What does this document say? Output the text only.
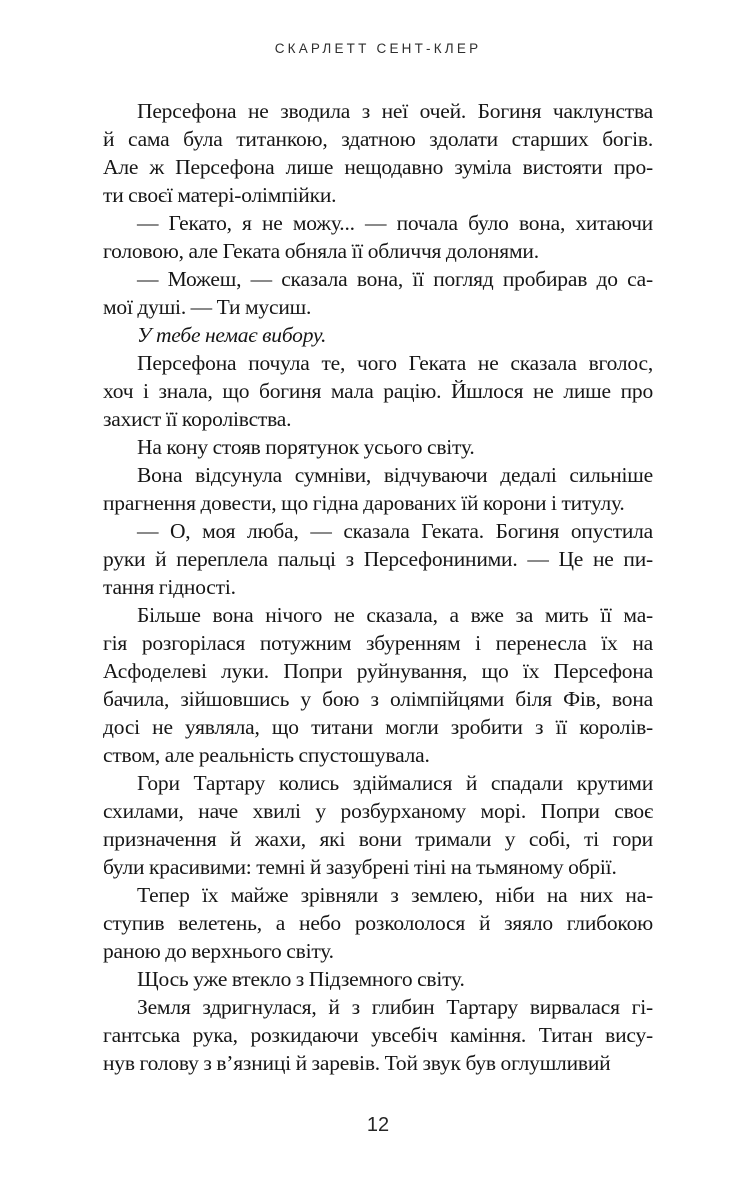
СКАРЛЕТТ СЕНТ-КЛЕР
Персефона не зводила з неї очей. Богиня чаклунства
й сама була титанкою, здатною здолати старших богів.
Але ж Персефона лише нещодавно зуміла вистояти про-
ти своєї матері-олімпійки.
— Гекато, я не можу... — почала було вона, хитаючи
головою, але Геката обняла її обличчя долонями.
— Можеш, — сказала вона, її погляд пробирав до са-
мої душі. — Ти мусиш.
У тебе немає вибору.
Персефона почула те, чого Геката не сказала вголос,
хоч і знала, що богиня мала рацію. Йшлося не лише про
захист її королівства.
На кону стояв порятунок усього світу.
Вона відсунула сумніви, відчуваючи дедалі сильніше
прагнення довести, що гідна дарованих їй корони і титулу.
— О, моя люба, — сказала Геката. Богиня опустила
руки й переплела пальці з Персефониними. — Це не пи-
тання гідності.
Більше вона нічого не сказала, а вже за мить її ма-
гія розгорілася потужним збуренням і перенесла їх на
Асфоделеві луки. Попри руйнування, що їх Персефона
бачила, зійшовшись у бою з олімпійцями біля Фів, вона
досі не уявляла, що титани могли зробити з її королів-
ством, але реальність спустошувала.
Гори Тартару колись здіймалися й спадали крутими
схилами, наче хвилі у розбурханому морі. Попри своє
призначення й жахи, які вони тримали у собі, ті гори
були красивими: темні й зазубрені тіні на тьмяному обрії.
Тепер їх майже зрівняли з землею, ніби на них на-
ступив велетень, а небо розкололося й зяяло глибокою
раною до верхнього світу.
Щось уже втекло з Підземного світу.
Земля здригнулася, й з глибин Тартару вирвалася гі-
гантська рука, розкидаючи увсебіч каміння. Титан вису-
нув голову з в’язниці й заревів. Той звук був оглушливий
12
